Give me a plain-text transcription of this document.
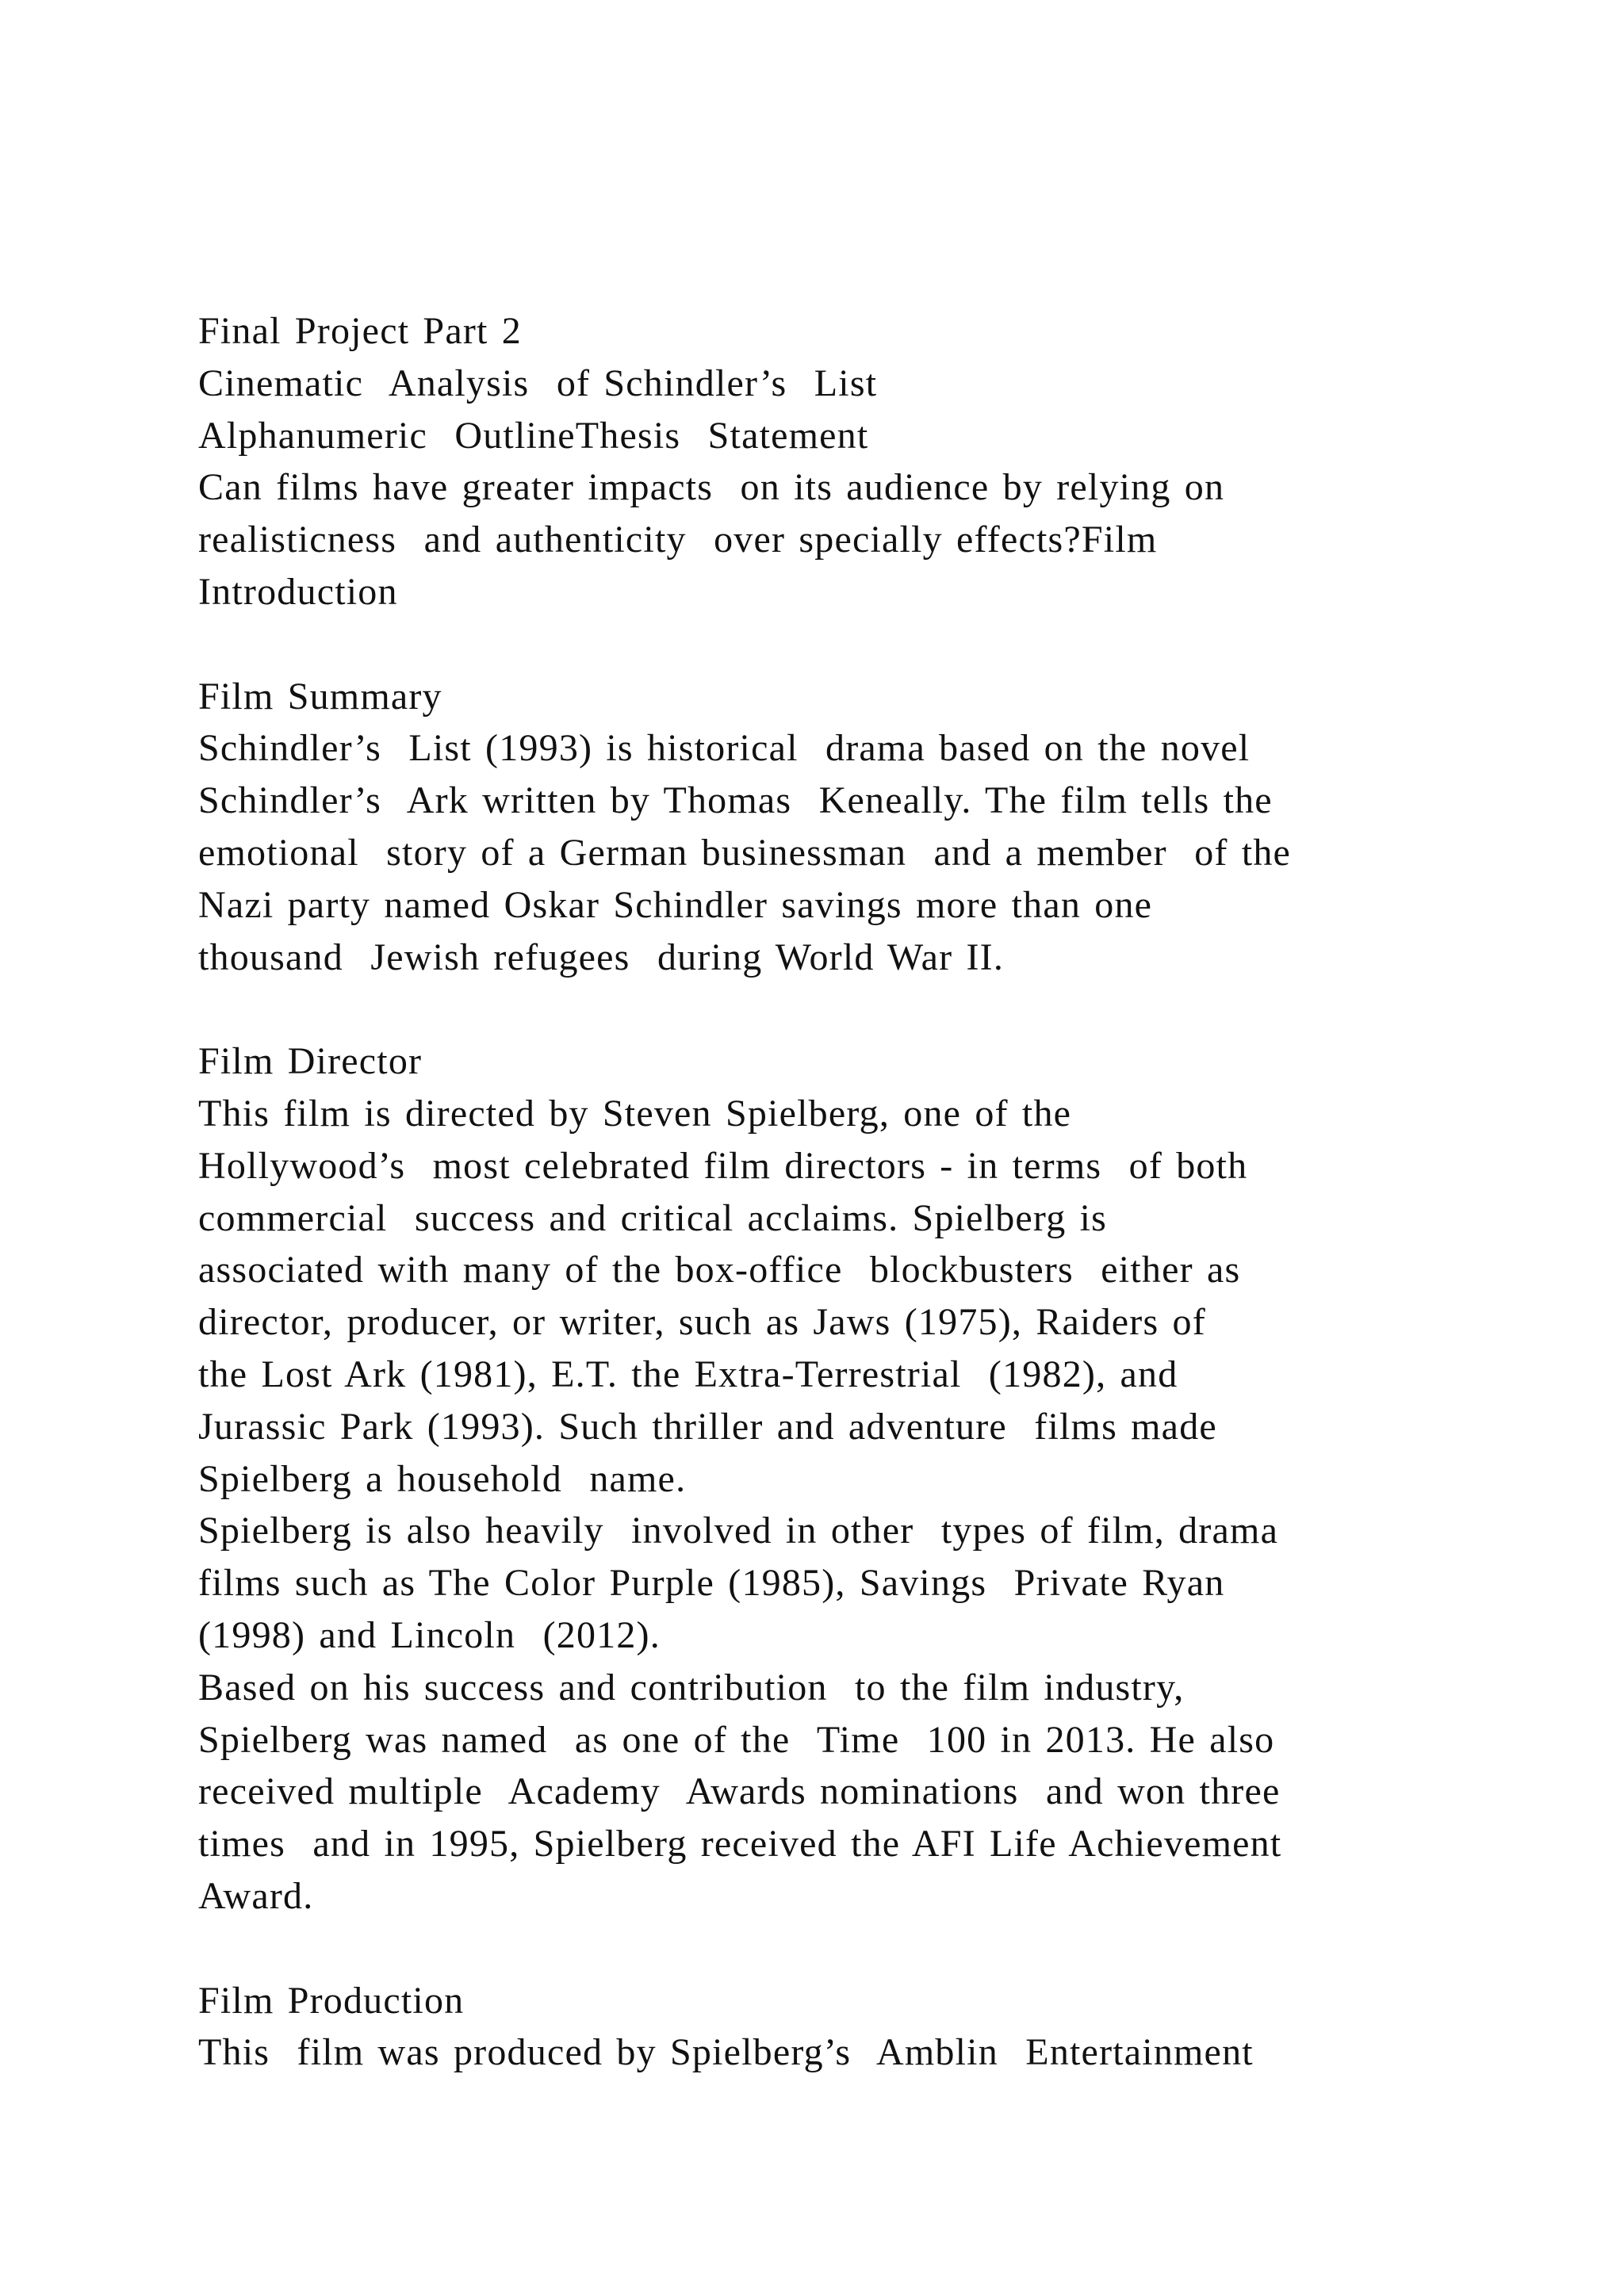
Final Project Part 2
Cinematic  Analysis  of Schindler’s  List
Alphanumeric  OutlineThesis  Statement
Can films have greater impacts  on its audience by relying on
realisticness  and authenticity  over specially effects?Film
Introduction
Film Summary
Schindler’s  List (1993) is historical  drama based on the novel
Schindler’s  Ark written by Thomas  Keneally. The film tells the
emotional  story of a German businessman  and a member  of the
Nazi party named Oskar Schindler savings more than one
thousand  Jewish refugees  during World War II.
Film Director
This film is directed by Steven Spielberg, one of the
Hollywood’s  most celebrated film directors - in terms  of both
commercial  success and critical acclaims. Spielberg is
associated with many of the box-office  blockbusters  either as
director, producer, or writer, such as Jaws (1975), Raiders of
the Lost Ark (1981), E.T. the Extra-Terrestrial  (1982), and
Jurassic Park (1993). Such thriller and adventure  films made
Spielberg a household  name.
Spielberg is also heavily  involved in other  types of film, drama
films such as The Color Purple (1985), Savings  Private Ryan
(1998) and Lincoln  (2012).
Based on his success and contribution  to the film industry,
Spielberg was named  as one of the  Time  100 in 2013. He also
received multiple  Academy  Awards nominations  and won three
times  and in 1995, Spielberg received the AFI Life Achievement
Award.
Film Production
This  film was produced by Spielberg’s  Amblin  Entertainment
